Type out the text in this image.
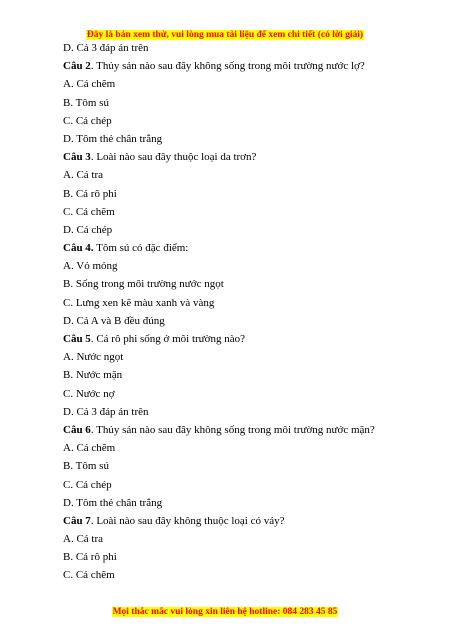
Đây là bản xem thử, vui lòng mua tài liệu để xem chi tiết (có lời giải)
D. Cả 3 đáp án trên
Câu 2. Thủy sản nào sau đây không sống trong môi trường nước lợ?
A. Cá chẽm
B. Tôm sú
C. Cá chép
D. Tôm thẻ chân trắng
Câu 3. Loài nào sau đây thuộc loại da trơn?
A. Cá tra
B. Cá rô phi
C. Cá chẽm
D. Cá chép
Câu 4. Tôm sú có đặc điểm:
A. Vỏ mỏng
B. Sống trong môi trường nước ngọt
C. Lưng xen kẽ màu xanh và vàng
D. Cả A và B đều đúng
Câu 5. Cá rô phi sống ở môi trường nào?
A. Nước ngọt
B. Nước mặn
C. Nước nợ
D. Cả 3 đáp án trên
Câu 6. Thủy sản nào sau đây không sống trong môi trường nước mặn?
A. Cá chẽm
B. Tôm sú
C. Cá chép
D. Tôm thẻ chân trắng
Câu 7. Loài nào sau đây không thuộc loại có vảy?
A. Cá tra
B. Cá rô phi
C. Cá chẽm
Mọi thắc mắc vui lòng xin liên hệ hotline: 084 283 45 85
